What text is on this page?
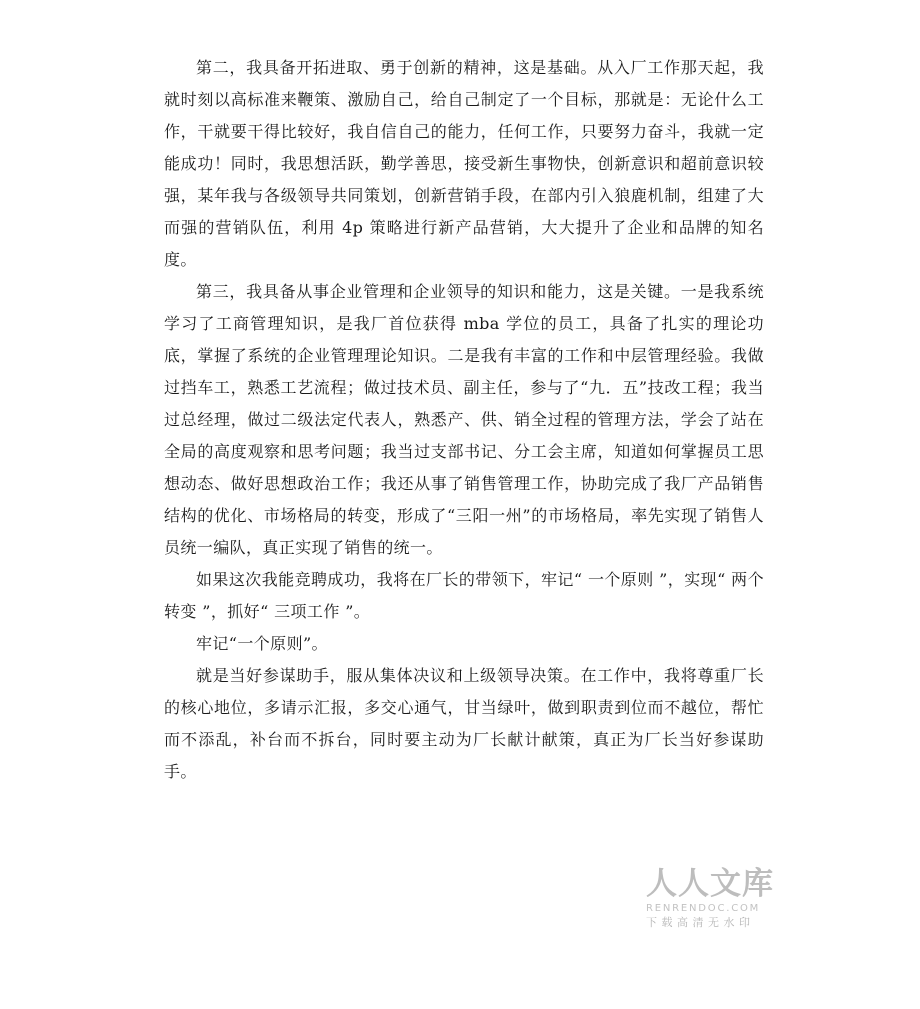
第二，我具备开拓进取、勇于创新的精神，这是基础。从入厂工作那天起，我就时刻以高标准来鞭策、激励自己，给自己制定了一个目标，那就是：无论什么工作，干就要干得比较好，我自信自己的能力，任何工作，只要努力奋斗，我就一定能成功！同时，我思想活跃，勤学善思，接受新生事物快，创新意识和超前意识较强，某年我与各级领导共同策划，创新营销手段，在部内引入狼鹿机制，组建了大而强的营销队伍，利用 4p 策略进行新产品营销，大大提升了企业和品牌的知名度。

第三，我具备从事企业管理和企业领导的知识和能力，这是关键。一是我系统学习了工商管理知识，是我厂首位获得 mba 学位的员工，具备了扎实的理论功底，掌握了系统的企业管理理论知识。二是我有丰富的工作和中层管理经验。我做过挡车工，熟悉工艺流程；做过技术员、副主任，参与了“九．五”技改工程；我当过总经理，做过二级法定代表人，熟悉产、供、销全过程的管理方法，学会了站在全局的高度观察和思考问题；我当过支部书记、分工会主席，知道如何掌握员工思想动态、做好思想政治工作；我还从事了销售管理工作，协助完成了我厂产品销售结构的优化、市场格局的转变，形成了“三阳一州”的市场格局，率先实现了销售人员统一编队，真正实现了销售的统一。

如果这次我能竞聘成功，我将在厂长的带领下，牢记“ 一个原则 ”，实现“ 两个转变 ”，抓好“ 三项工作 ”。

牢记“一个原则”。

就是当好参谋助手，服从集体决议和上级领导决策。在工作中，我将尊重厂长的核心地位，多请示汇报，多交心通气，甘当绿叶，做到职责到位而不越位，帮忙而不添乱，补台而不拆台，同时要主动为厂长献计献策，真正为厂长当好参谋助手。

人人文库
RENRENDOC.COM
下载高清无水印
